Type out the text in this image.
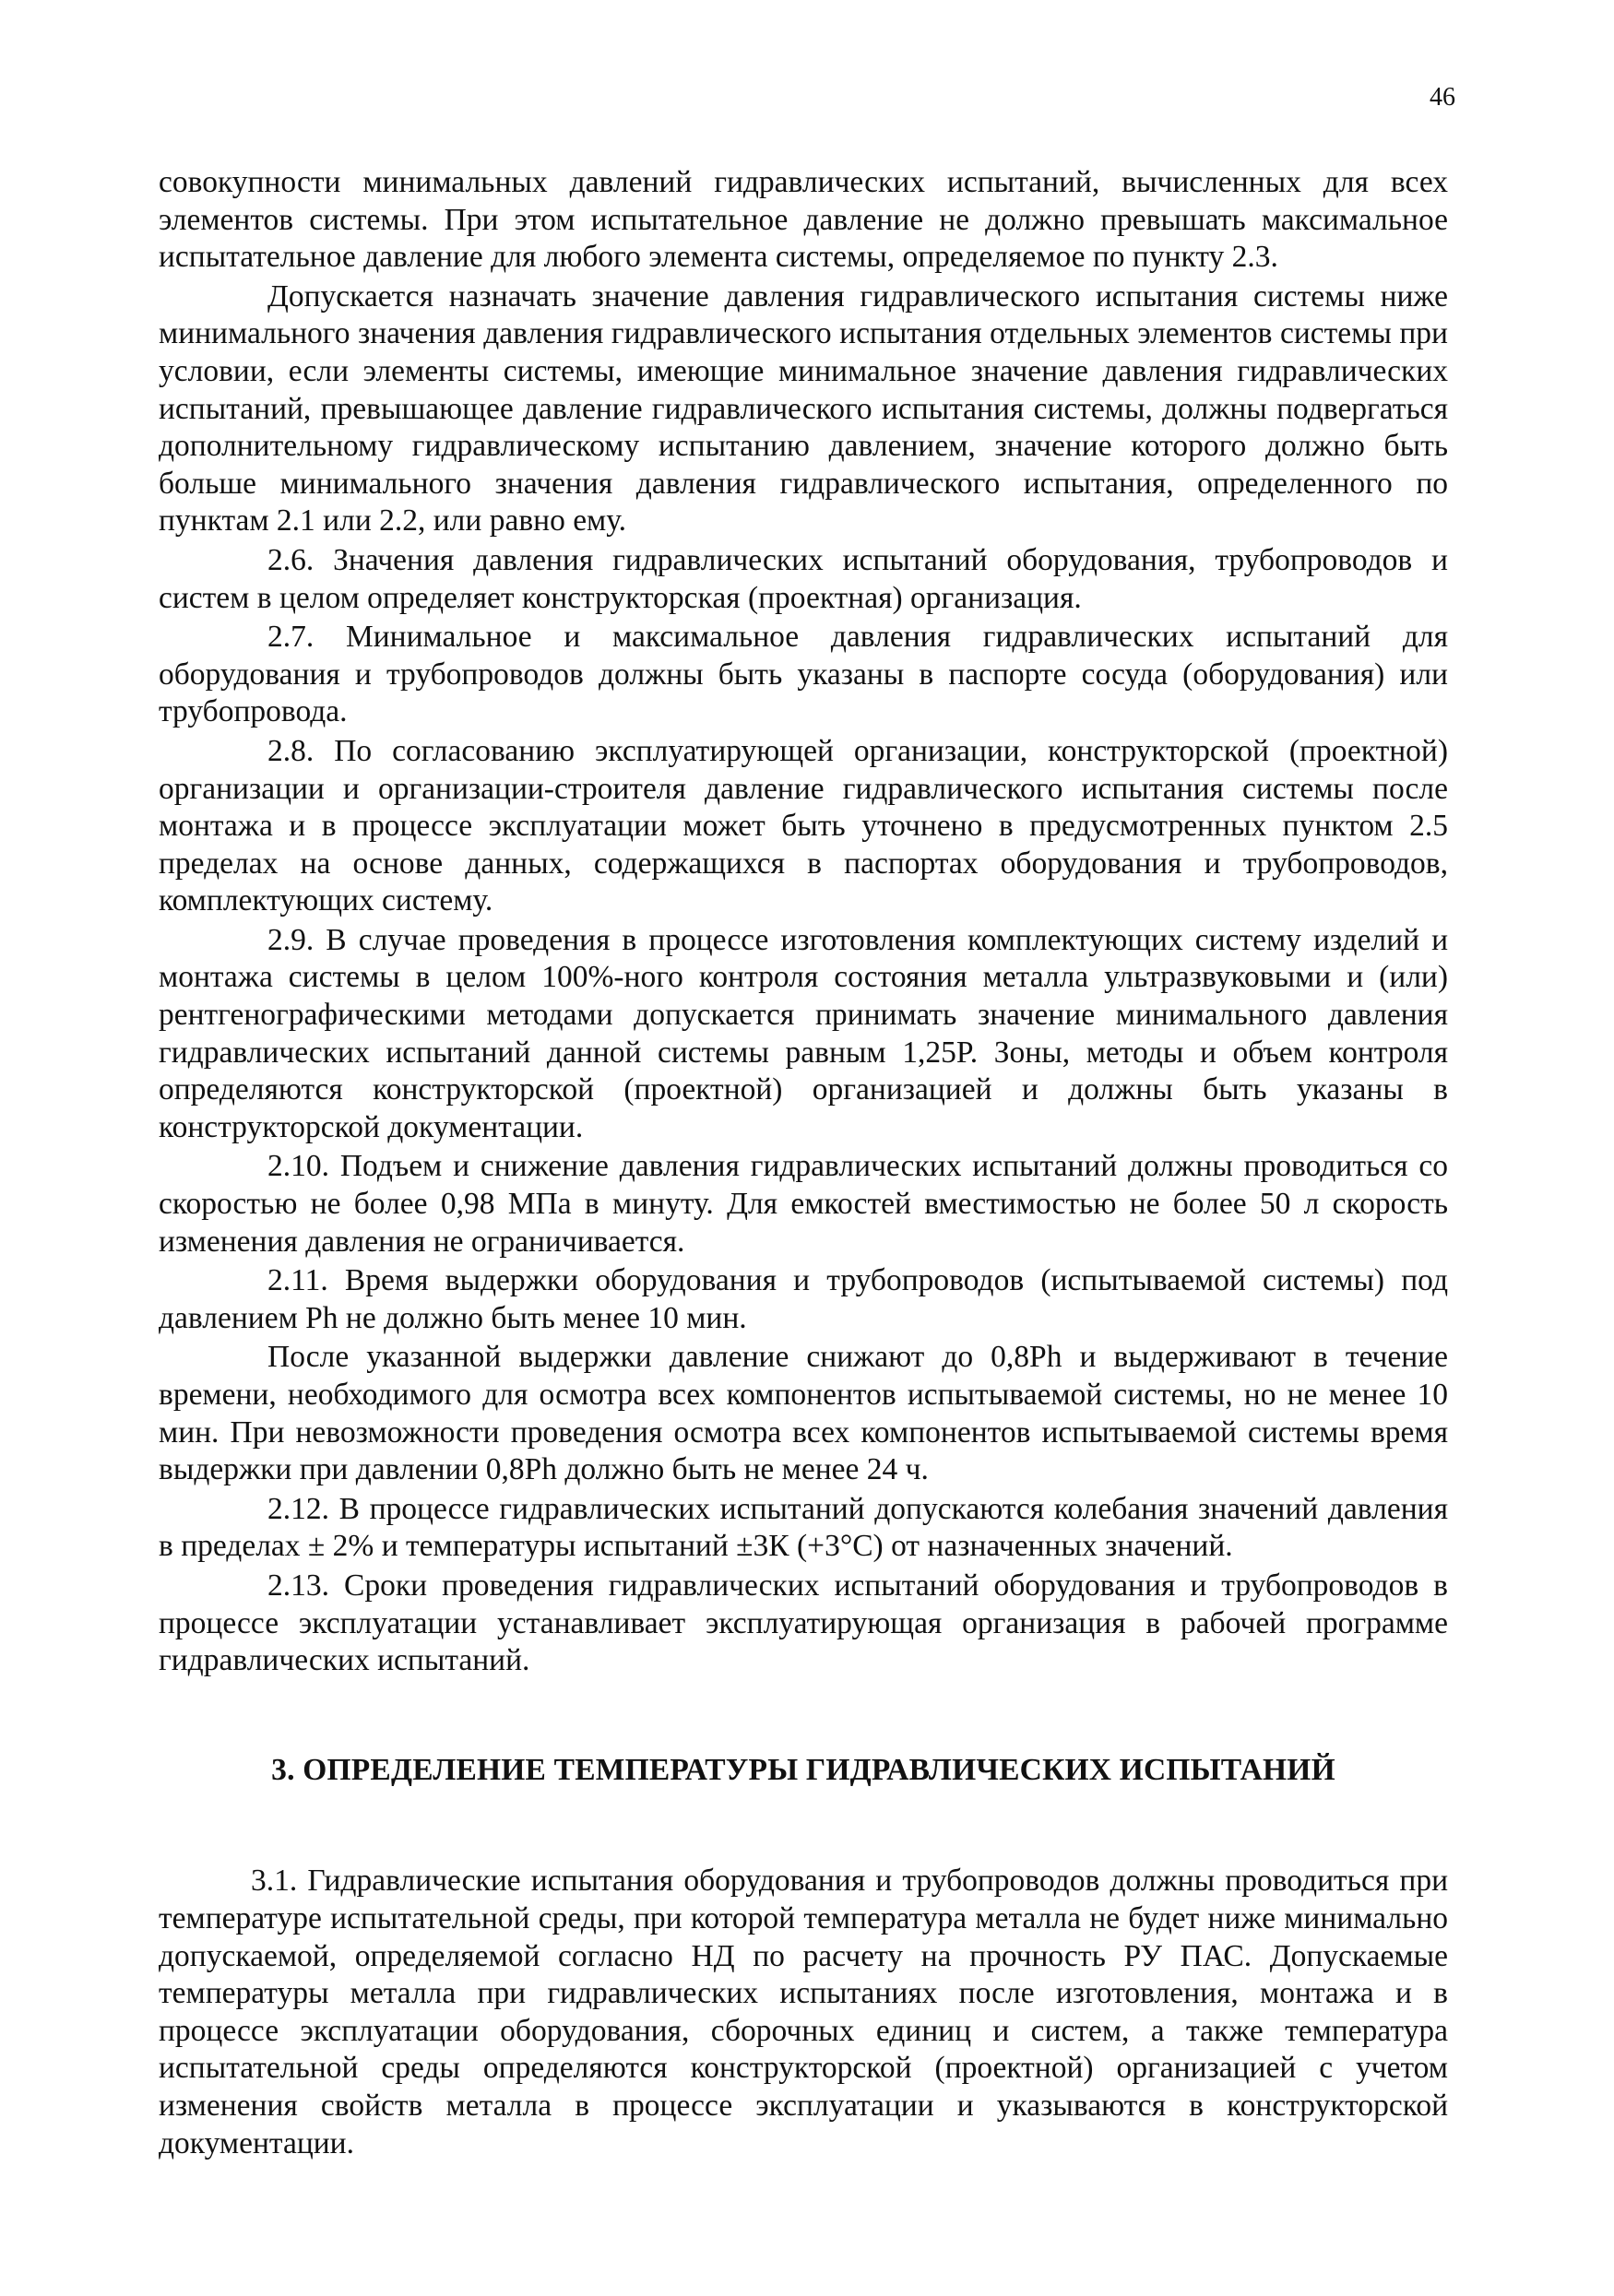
46

совокупности минимальных давлений гидравлических испытаний, вычисленных для всех элементов системы. При этом испытательное давление не должно превышать максимальное испытательное давление для любого элемента системы, определяемое по пункту 2.3.

Допускается назначать значение давления гидравлического испытания системы ниже минимального значения давления гидравлического испытания отдельных элементов системы при условии, если элементы системы, имеющие минимальное значение давления гидравлических испытаний, превышающее давление гидравлического испытания системы, должны подвергаться дополнительному гидравлическому испытанию давлением, значение которого должно быть больше минимального значения давления гидравлического испытания, определенного по пунктам 2.1 или 2.2, или равно ему.

2.6. Значения давления гидравлических испытаний оборудования, трубопроводов и систем в целом определяет конструкторская (проектная) организация.

2.7. Минимальное и максимальное давления гидравлических испытаний для оборудования и трубопроводов должны быть указаны в паспорте сосуда (оборудования) или трубопровода.

2.8. По согласованию эксплуатирующей организации, конструкторской (проектной) организации и организации-строителя давление гидравлического испытания системы после монтажа и в процессе эксплуатации может быть уточнено в предусмотренных пунктом 2.5 пределах на основе данных, содержащихся в паспортах оборудования и трубопроводов, комплектующих систему.

2.9. В случае проведения в процессе изготовления комплектующих систему изделий и монтажа системы в целом 100%-ного контроля состояния металла ультразвуковыми и (или) рентгенографическими методами допускается принимать значение минимального давления гидравлических испытаний данной системы равным 1,25P. Зоны, методы и объем контроля определяются конструкторской (проектной) организацией и должны быть указаны в конструкторской документации.

2.10. Подъем и снижение давления гидравлических испытаний должны проводиться со скоростью не более 0,98 МПа в минуту. Для емкостей вместимостью не более 50 л скорость изменения давления не ограничивается.

2.11. Время выдержки оборудования и трубопроводов (испытываемой системы) под давлением Ph не должно быть менее 10 мин.

После указанной выдержки давление снижают до 0,8Ph и выдерживают в течение времени, необходимого для осмотра всех компонентов испытываемой системы, но не менее 10 мин. При невозможности проведения осмотра всех компонентов испытываемой системы время выдержки при давлении 0,8Ph должно быть не менее 24 ч.

2.12. В процессе гидравлических испытаний допускаются колебания значений давления в пределах ± 2% и температуры испытаний ±3К (+3°С) от назначенных значений.

2.13. Сроки проведения гидравлических испытаний оборудования и трубопроводов в процессе эксплуатации устанавливает эксплуатирующая организация в рабочей программе гидравлических испытаний.

3. ОПРЕДЕЛЕНИЕ ТЕМПЕРАТУРЫ ГИДРАВЛИЧЕСКИХ ИСПЫТАНИЙ

3.1. Гидравлические испытания оборудования и трубопроводов должны проводиться при температуре испытательной среды, при которой температура металла не будет ниже минимально допускаемой, определяемой согласно НД по расчету на прочность РУ ПАС. Допускаемые температуры металла при гидравлических испытаниях после изготовления, монтажа и в процессе эксплуатации оборудования, сборочных единиц и систем, а также температура испытательной среды определяются конструкторской (проектной) организацией с учетом изменения свойств металла в процессе эксплуатации и указываются в конструкторской документации.
